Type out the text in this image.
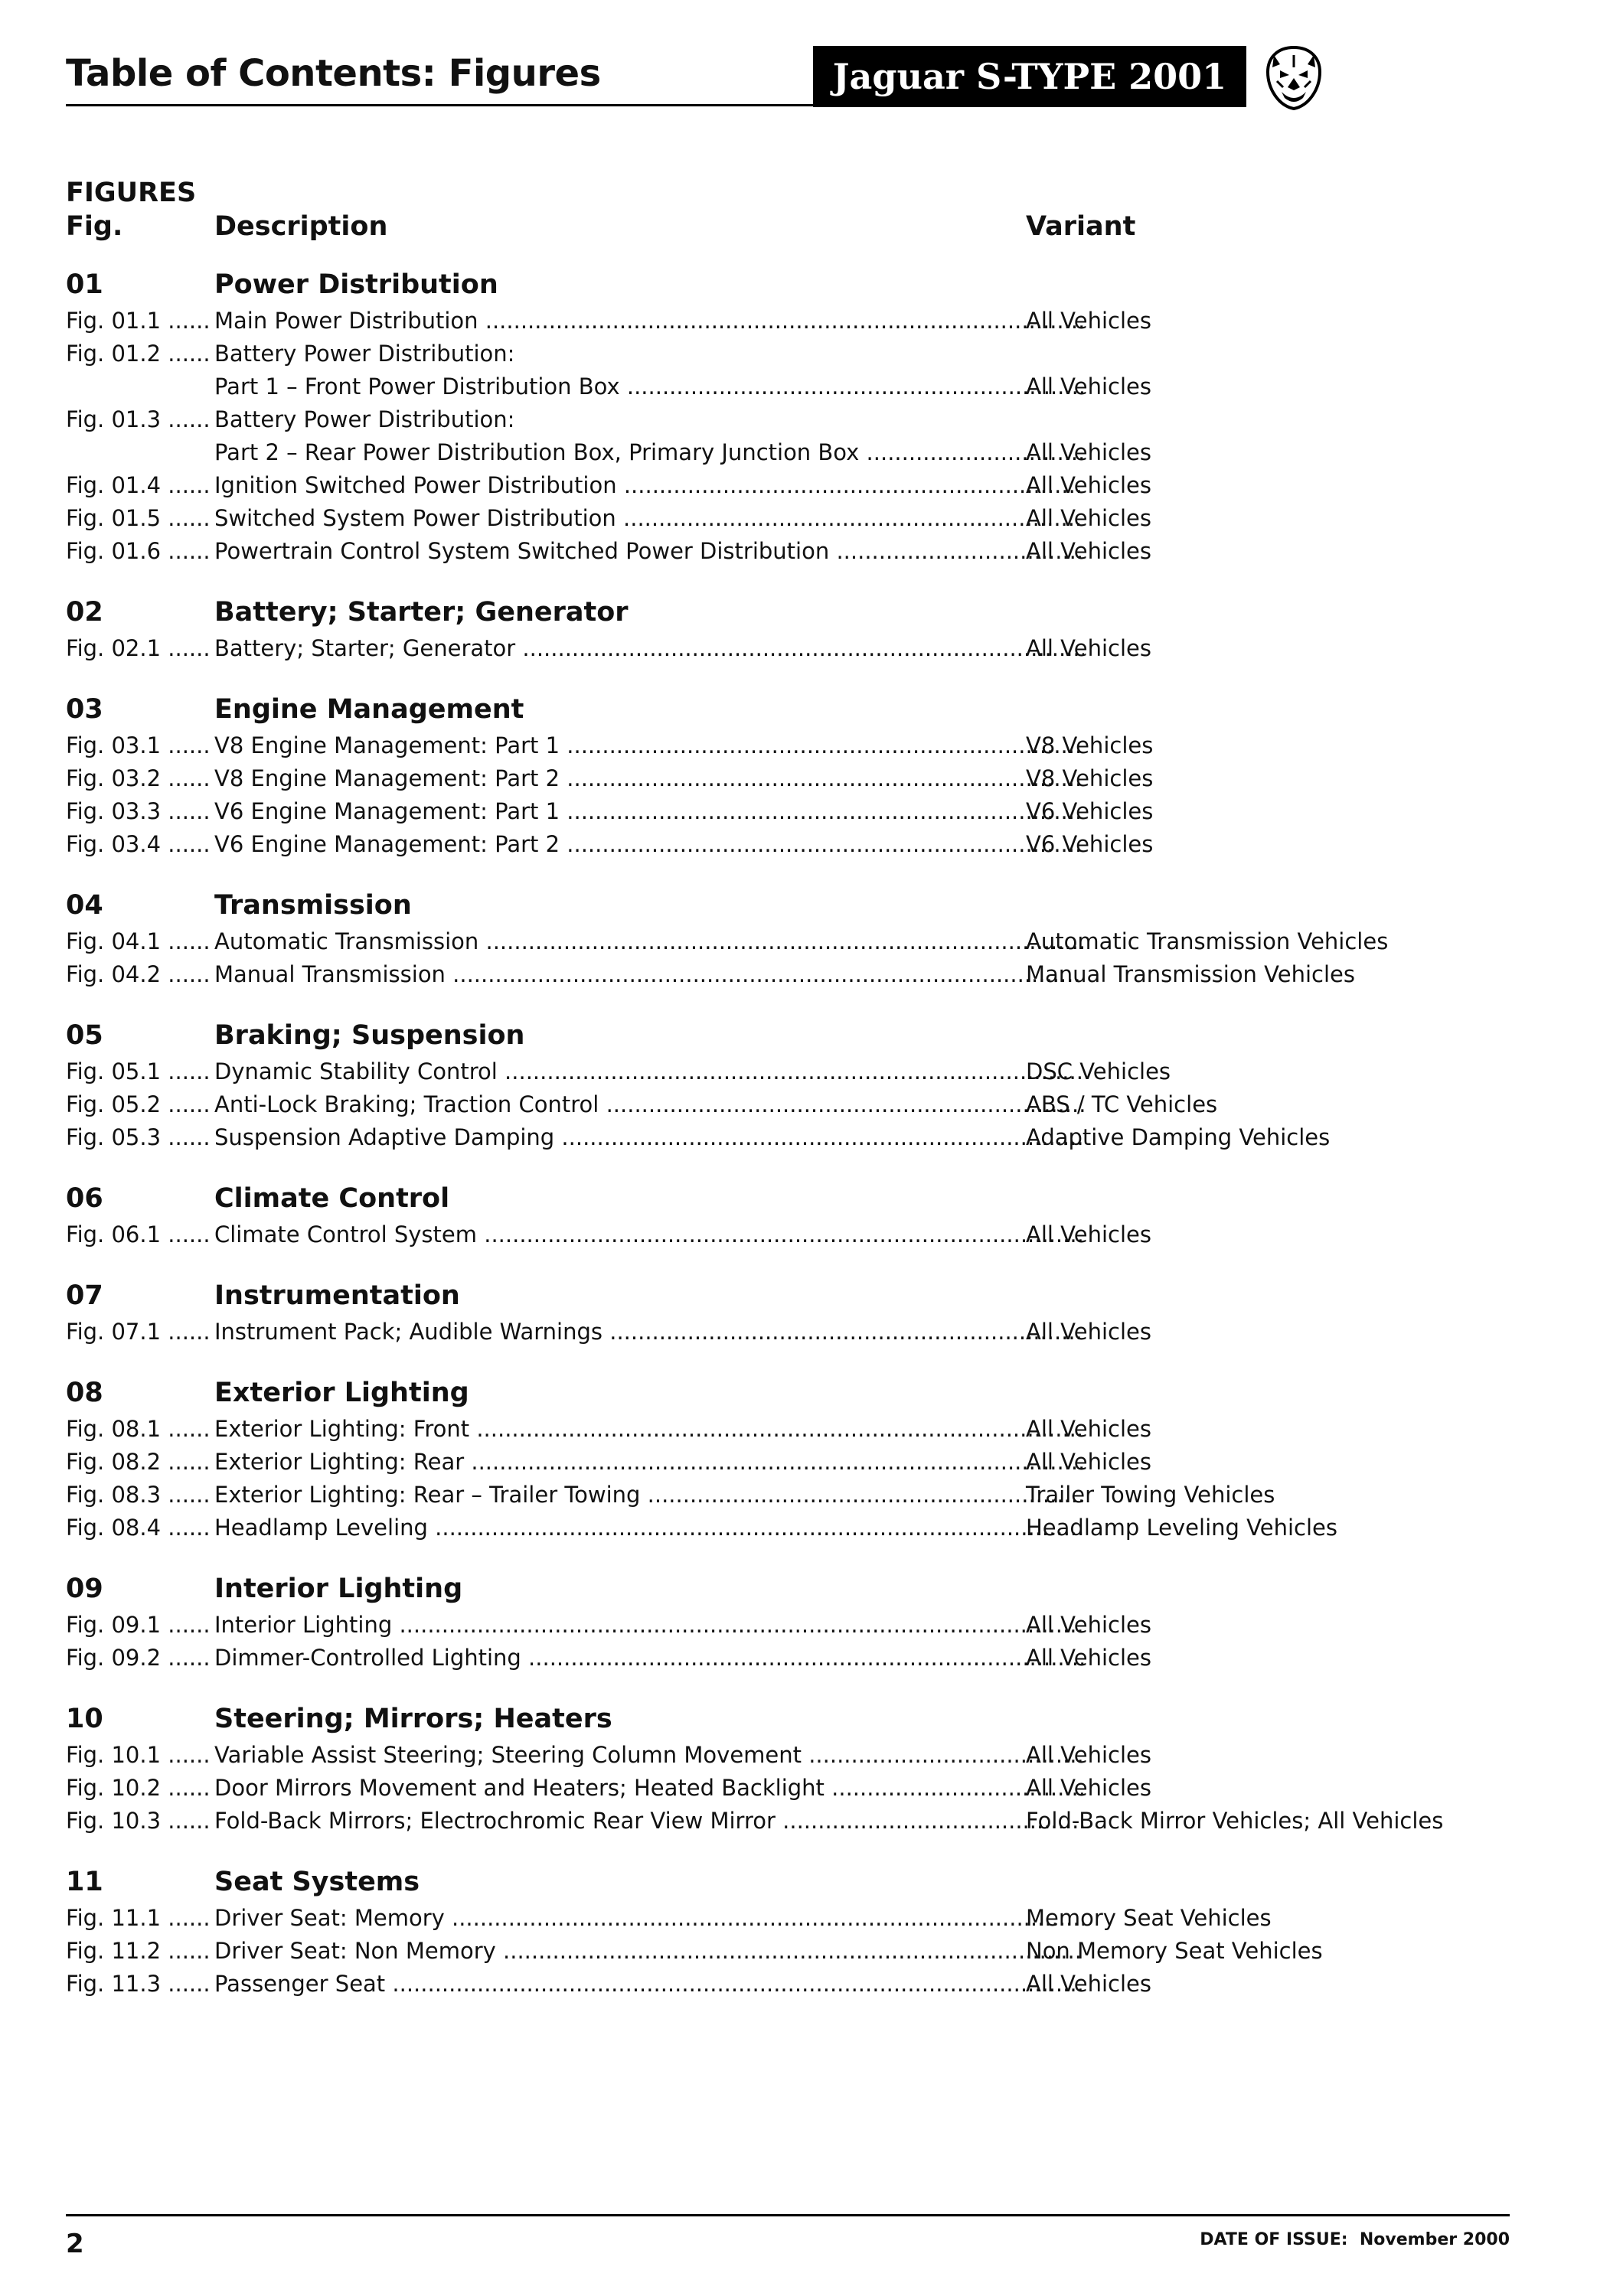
Table of Contents: Figures	Jaguar S-TYPE 2001
FIGURES
Fig.	Description	Variant
01	Power Distribution
Fig. 01.1 ......	Main Power Distribution .....	All Vehicles
Fig. 01.2 ......	Battery Power Distribution:
Part 1 – Front Power Distribution Box .....	All Vehicles
Fig. 01.3 ......	Battery Power Distribution:
Part 2 – Rear Power Distribution Box, Primary Junction Box .....	All Vehicles
Fig. 01.4 ......	Ignition Switched Power Distribution .....	All Vehicles
Fig. 01.5 ......	Switched System Power Distribution .....	All Vehicles
Fig. 01.6 ......	Powertrain Control System Switched Power Distribution .....	All Vehicles
02	Battery; Starter; Generator
Fig. 02.1 ......	Battery; Starter; Generator .....	All Vehicles
03	Engine Management
Fig. 03.1 ......	V8 Engine Management: Part 1 .....	V8 Vehicles
Fig. 03.2 ......	V8 Engine Management: Part 2 .....	V8 Vehicles
Fig. 03.3 ......	V6 Engine Management: Part 1 .....	V6 Vehicles
Fig. 03.4 ......	V6 Engine Management: Part 2 .....	V6 Vehicles
04	Transmission
Fig. 04.1 ......	Automatic Transmission .....	Automatic Transmission Vehicles
Fig. 04.2 ......	Manual Transmission .....	Manual Transmission Vehicles
05	Braking; Suspension
Fig. 05.1 ......	Dynamic Stability Control .....	DSC Vehicles
Fig. 05.2 ......	Anti-Lock Braking; Traction Control .....	ABS / TC Vehicles
Fig. 05.3 ......	Suspension Adaptive Damping .....	Adaptive Damping Vehicles
06	Climate Control
Fig. 06.1 ......	Climate Control System .....	All Vehicles
07	Instrumentation
Fig. 07.1 ......	Instrument Pack; Audible Warnings .....	All Vehicles
08	Exterior Lighting
Fig. 08.1 ......	Exterior Lighting: Front .....	All Vehicles
Fig. 08.2 ......	Exterior Lighting: Rear .....	All Vehicles
Fig. 08.3 ......	Exterior Lighting: Rear – Trailer Towing .....	Trailer Towing Vehicles
Fig. 08.4 ......	Headlamp Leveling .....	Headlamp Leveling Vehicles
09	Interior Lighting
Fig. 09.1 ......	Interior Lighting .....	All Vehicles
Fig. 09.2 ......	Dimmer-Controlled Lighting .....	All Vehicles
10	Steering; Mirrors; Heaters
Fig. 10.1 ......	Variable Assist Steering; Steering Column Movement .....	All Vehicles
Fig. 10.2 ......	Door Mirrors Movement and Heaters; Heated Backlight .....	All Vehicles
Fig. 10.3 ......	Fold-Back Mirrors; Electrochromic Rear View Mirror .....	Fold-Back Mirror Vehicles; All Vehicles
11	Seat Systems
Fig. 11.1 ......	Driver Seat: Memory .....	Memory Seat Vehicles
Fig. 11.2 ......	Driver Seat: Non Memory .....	Non Memory Seat Vehicles
Fig. 11.3 ......	Passenger Seat .....	All Vehicles
2	DATE OF ISSUE: November 2000
